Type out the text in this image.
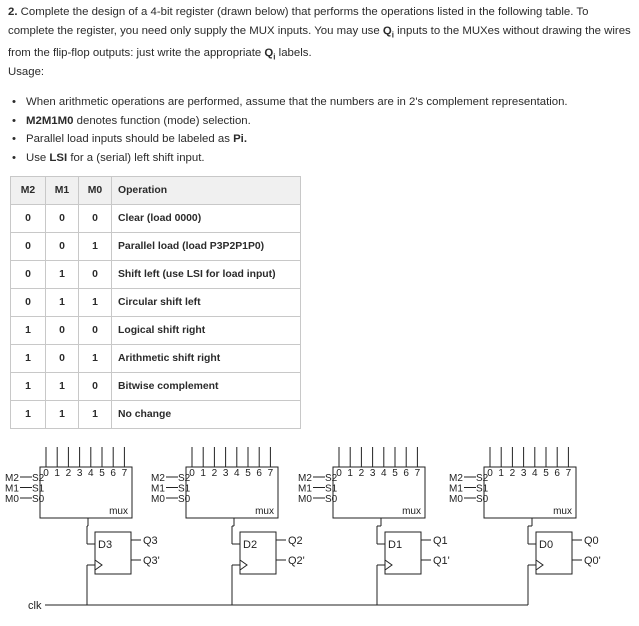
2. Complete the design of a 4-bit register (drawn below) that performs the operations listed in the following table. To complete the register, you need only supply the MUX inputs. You may use $Q_i$ inputs to the MUXes without drawing the wires from the flip-flop outputs: just write the appropriate $Q_i$ labels.
Usage:
• When arithmetic operations are performed, assume that the numbers are in 2's complement representation.
• M2M1M0 denotes function (mode) selection.
• Parallel load inputs should be labeled as Pi.
• Use LSI for a (serial) left shift input.
M2	M1	M0	Operation
0	0	0	Clear (load 0000)
0	0	1	Parallel load (load P3P2P1P0)
0	1	0	Shift left (use LSI for load input)
0	1	1	Circular shift left
1	0	0	Logical shift right
1	0	1	Arithmetic shift right
1	1	0	Bitwise complement
1	1	1	No change
0 1 2 3 4 5 6 7
mux
M2 S2
M1 S1
M0 S0
D3	Q3
Q3'
0 1 2 3 4 5 6 7
mux
M2 S2
M1 S1
M0 S0
D2	Q2
Q2'
0 1 2 3 4 5 6 7
mux
M2 S2
M1 S1
M0 S0
D1	Q1
Q1'
0 1 2 3 4 5 6 7
mux
M2 S2
M1 S1
M0 S0
D0	Q0
Q0'
clk
